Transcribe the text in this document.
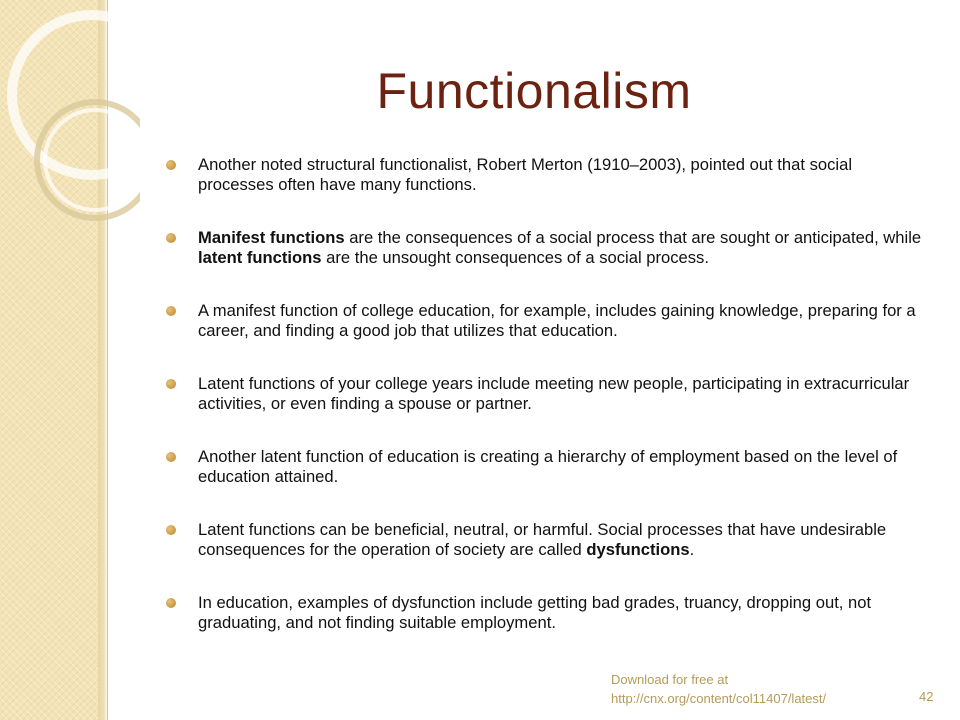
Functionalism
Another noted structural functionalist, Robert Merton (1910–2003), pointed out that social processes often have many functions.
Manifest functions are the consequences of a social process that are sought or anticipated, while latent functions are the unsought consequences of a social process.
A manifest function of college education, for example, includes gaining knowledge, preparing for a career, and finding a good job that utilizes that education.
Latent functions of your college years include meeting new people, participating in extracurricular activities, or even finding a spouse or partner.
Another latent function of education is creating a hierarchy of employment based on the level of education attained.
Latent functions can be beneficial, neutral, or harmful. Social processes that have undesirable consequences for the operation of society are called dysfunctions.
In education, examples of dysfunction include getting bad grades, truancy, dropping out, not graduating, and not finding suitable employment.
Download for free at
http://cnx.org/content/col11407/latest/	42
